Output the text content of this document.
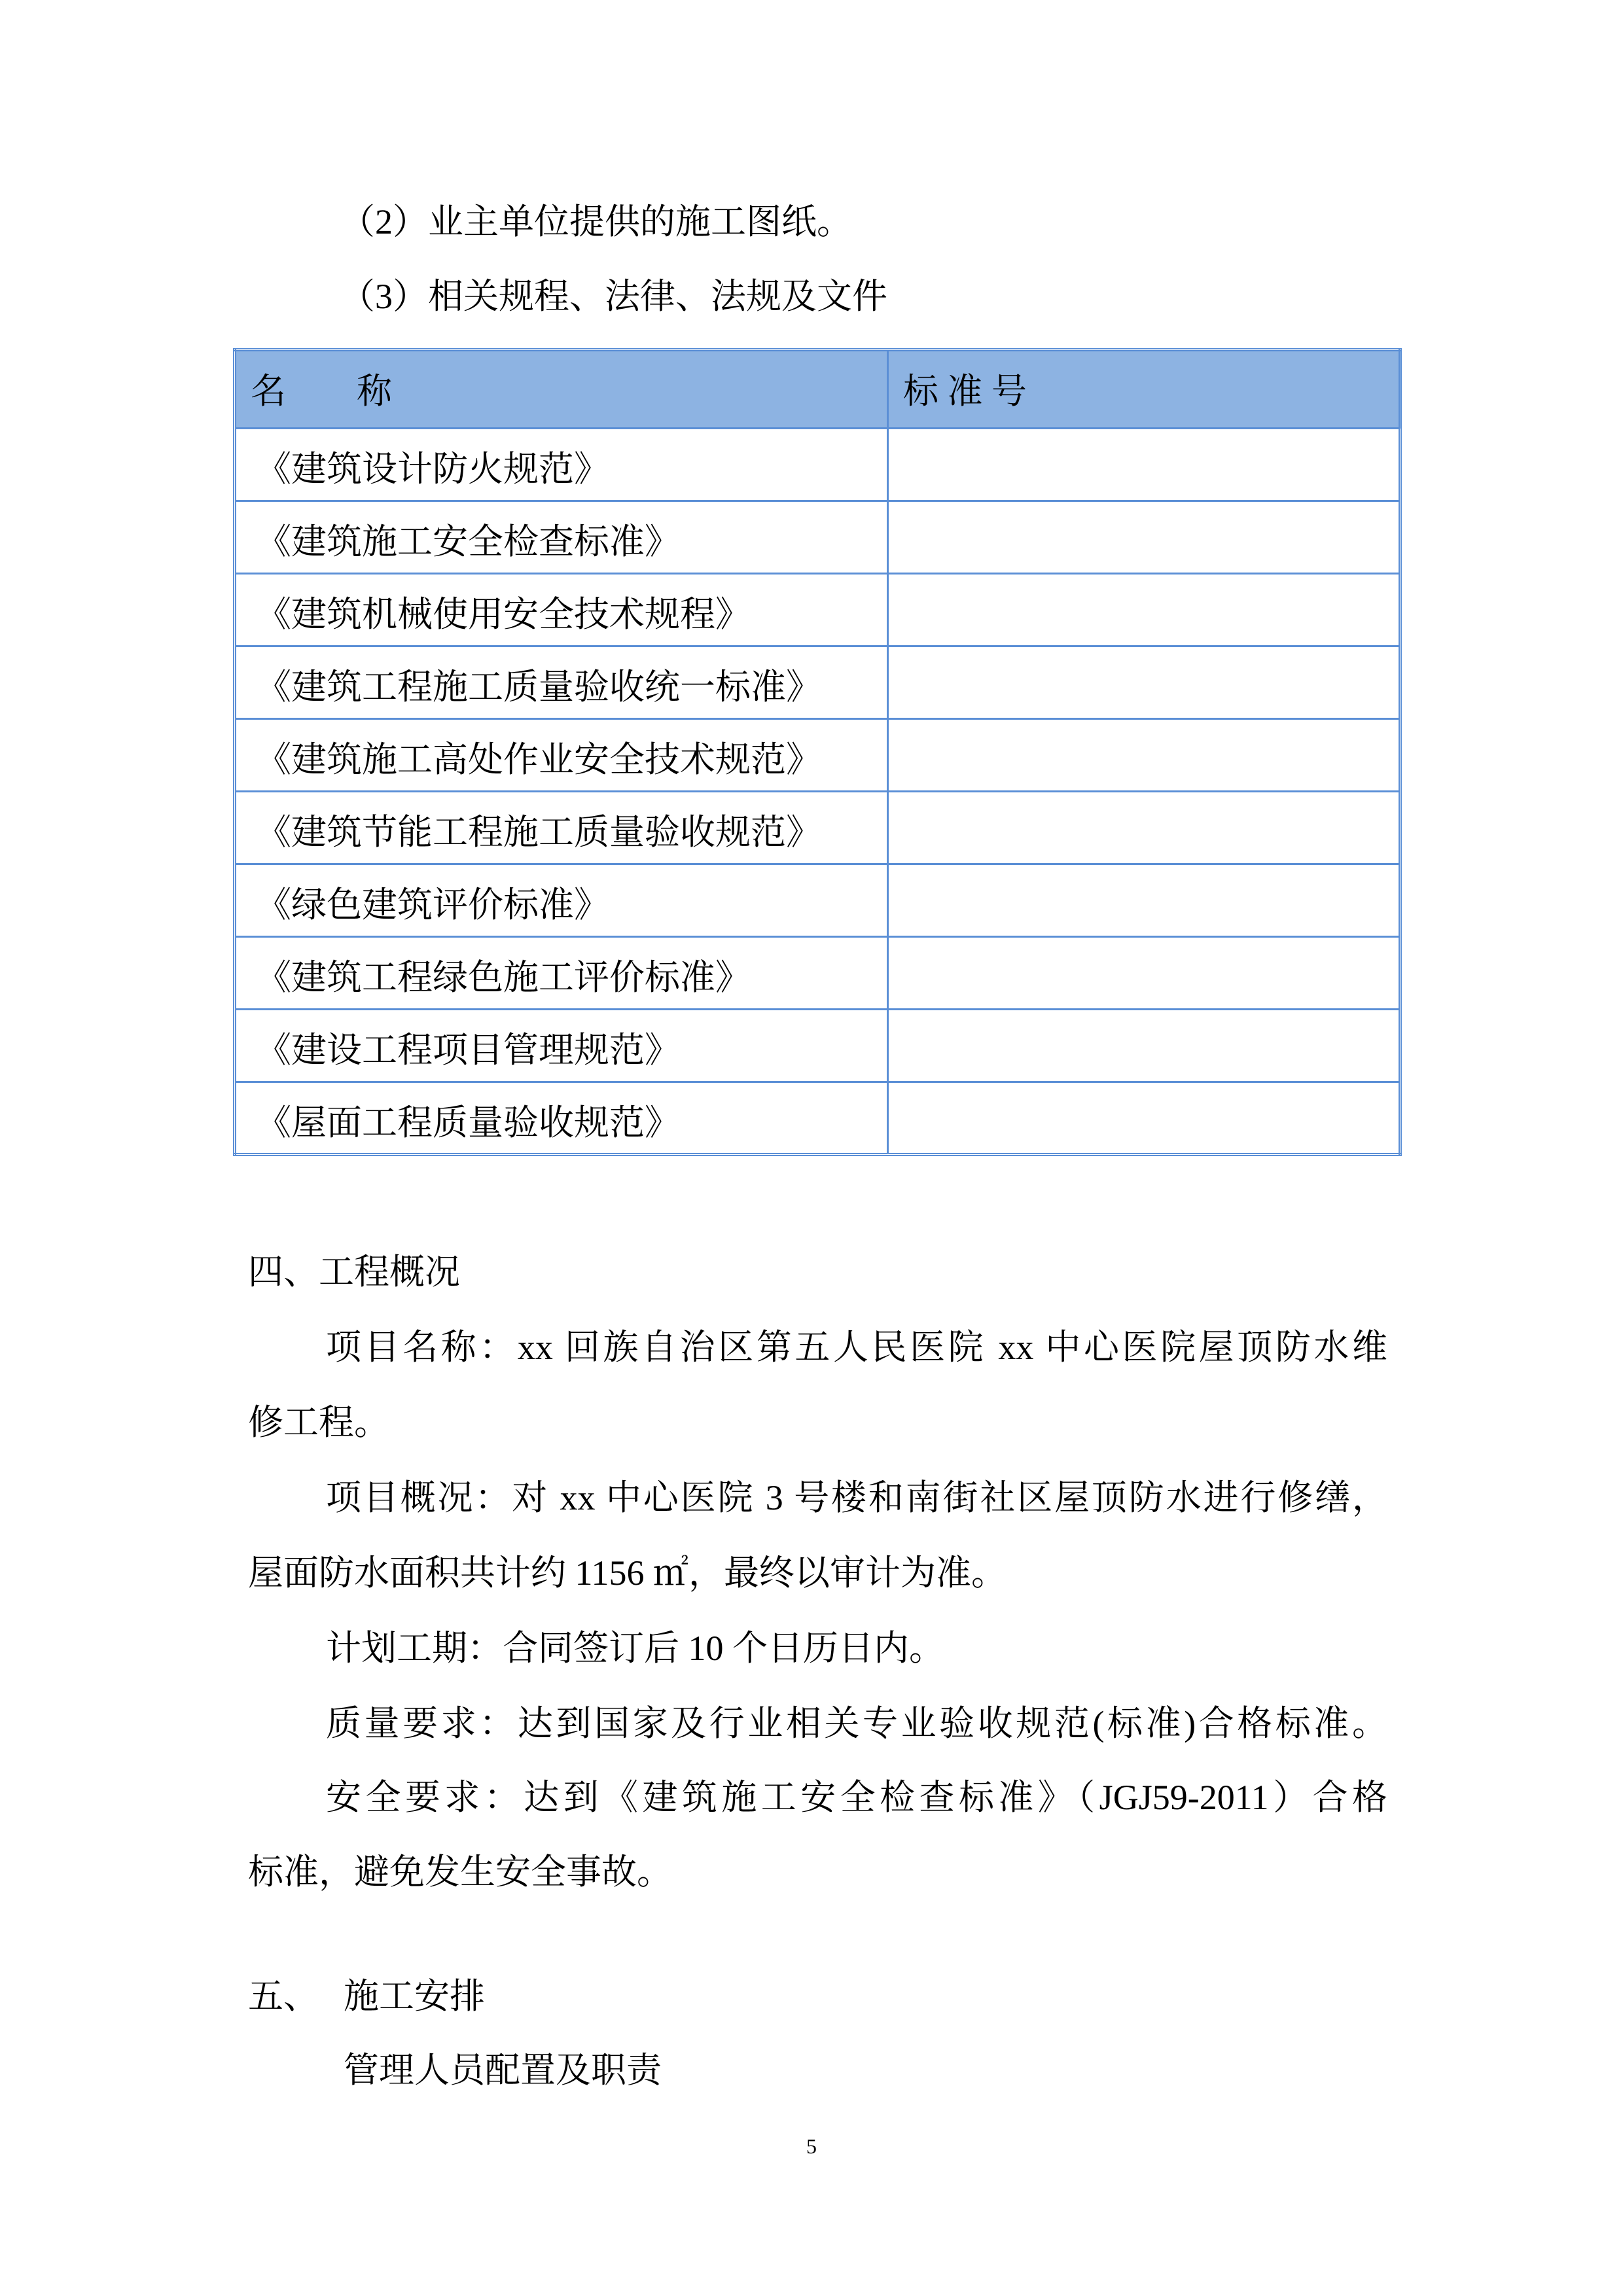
（2）业主单位提供的施工图纸。
（3）相关规程、法律、法规及文件
名　　称	标 准 号
《建筑设计防火规范》	
《建筑施工安全检查标准》	
《建筑机械使用安全技术规程》	
《建筑工程施工质量验收统一标准》	
《建筑施工高处作业安全技术规范》	
《建筑节能工程施工质量验收规范》	
《绿色建筑评价标准》	
《建筑工程绿色施工评价标准》	
《建设工程项目管理规范》	
《屋面工程质量验收规范》	
四、工程概况
项目名称：xx 回族自治区第五人民医院 xx 中心医院屋顶防水维
修工程。
项目概况：对 xx 中心医院 3 号楼和南街社区屋顶防水进行修缮，
屋面防水面积共计约 1156 ㎡，最终以审计为准。
计划工期：合同签订后 10 个日历日内。
质量要求：达到国家及行业相关专业验收规范(标准)合格标准。
安全要求：达到《建筑施工安全检查标准》（JGJ59-2011）合格
标准，避免发生安全事故。
五、 施工安排
管理人员配置及职责
5
